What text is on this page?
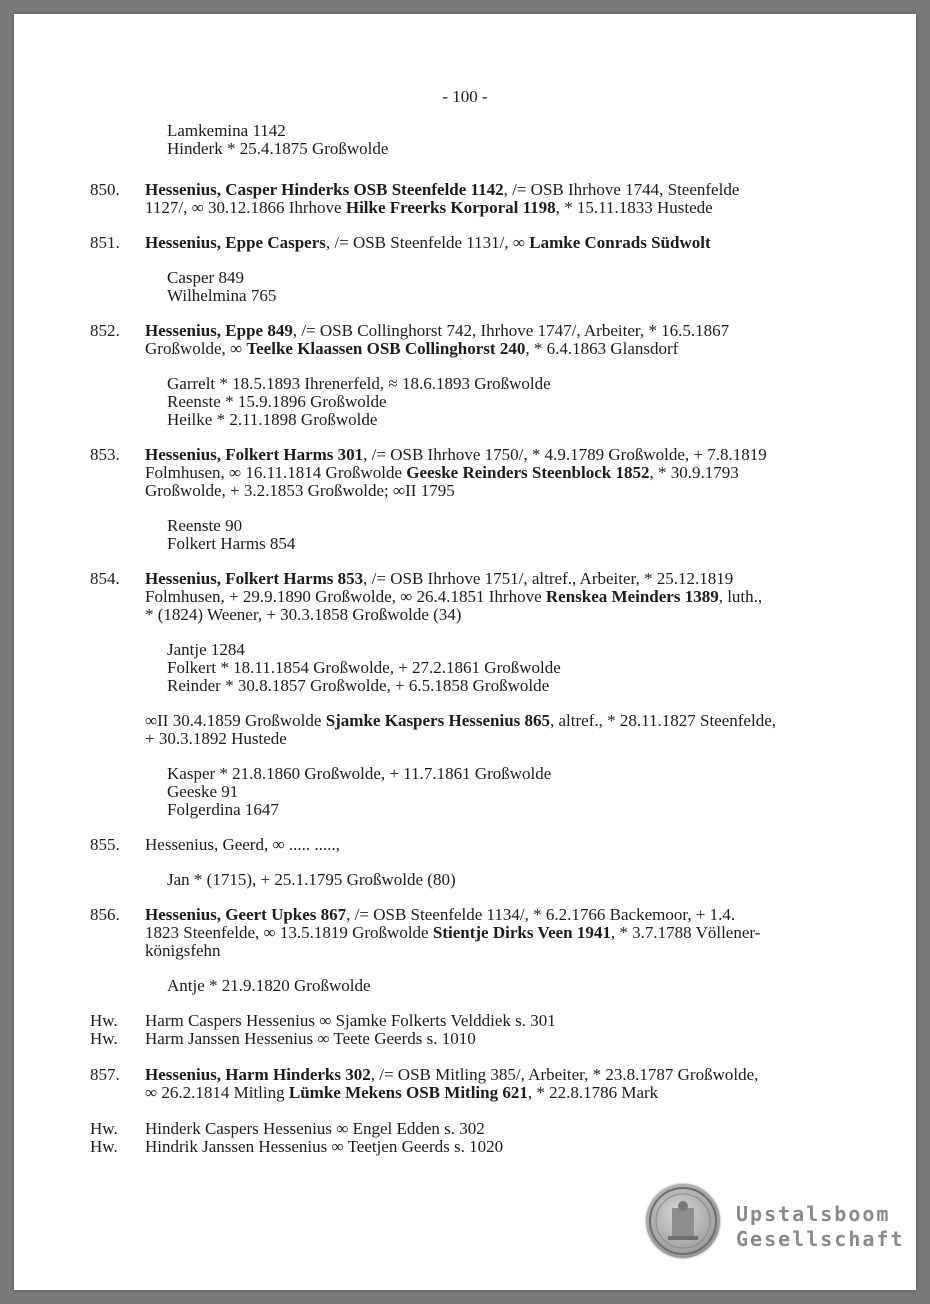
- 100 -
Lamkemina 1142
Hinderk * 25.4.1875 Großwolde
850. Hessenius, Casper Hinderks OSB Steenfelde 1142, /= OSB Ihrhove 1744, Steenfelde
1127/, ∞ 30.12.1866 Ihrhove Hilke Freerks Korporal 1198, * 15.11.1833 Hustede
851. Hessenius, Eppe Caspers, /= OSB Steenfelde 1131/, ∞ Lamke Conrads Südwolt
Casper 849
Wilhelmina 765
852. Hessenius, Eppe 849, /= OSB Collinghorst 742, Ihrhove 1747/, Arbeiter, * 16.5.1867
Großwolde, ∞ Teelke Klaassen OSB Collinghorst 240, * 6.4.1863 Glansdorf
Garrelt * 18.5.1893 Ihrenerfeld, ≈ 18.6.1893 Großwolde
Reenste * 15.9.1896 Großwolde
Heilke * 2.11.1898 Großwolde
853. Hessenius, Folkert Harms 301, /= OSB Ihrhove 1750/, * 4.9.1789 Großwolde, + 7.8.1819
Folmhusen, ∞ 16.11.1814 Großwolde Geeske Reinders Steenblock 1852, * 30.9.1793
Großwolde, + 3.2.1853 Großwolde; ∞II 1795
Reenste 90
Folkert Harms 854
854. Hessenius, Folkert Harms 853, /= OSB Ihrhove 1751/, altref., Arbeiter, * 25.12.1819
Folmhusen, + 29.9.1890 Großwolde, ∞ 26.4.1851 Ihrhove Renskea Meinders 1389, luth.,
* (1824) Weener, + 30.3.1858 Großwolde (34)
Jantje 1284
Folkert * 18.11.1854 Großwolde, + 27.2.1861 Großwolde
Reinder * 30.8.1857 Großwolde, + 6.5.1858 Großwolde
∞II 30.4.1859 Großwolde Sjamke Kaspers Hessenius 865, altref., * 28.11.1827 Steenfelde,
+ 30.3.1892 Hustede
Kasper * 21.8.1860 Großwolde, + 11.7.1861 Großwolde
Geeske 91
Folgerdina 1647
855. Hessenius, Geerd, ∞ ..... .....,
Jan * (1715), + 25.1.1795 Großwolde (80)
856. Hessenius, Geert Upkes 867, /= OSB Steenfelde 1134/, * 6.2.1766 Backemoor, + 1.4.
1823 Steenfelde, ∞ 13.5.1819 Großwolde Stientje Dirks Veen 1941, * 3.7.1788 Völlener-
königsfehn
Antje * 21.9.1820 Großwolde
Hw. Harm Caspers Hessenius ∞ Sjamke Folkerts Velddiek s. 301
Hw. Harm Janssen Hessenius ∞ Teete Geerds s. 1010
857. Hessenius, Harm Hinderks 302, /= OSB Mitling 385/, Arbeiter, * 23.8.1787 Großwolde,
∞ 26.2.1814 Mitling Lümke Mekens OSB Mitling 621, * 22.8.1786 Mark
Hw. Hinderk Caspers Hessenius ∞ Engel Edden s. 302
Hw. Hindrik Janssen Hessenius ∞ Teetjen Geerds s. 1020
Upstalsboom
Gesellschaft
